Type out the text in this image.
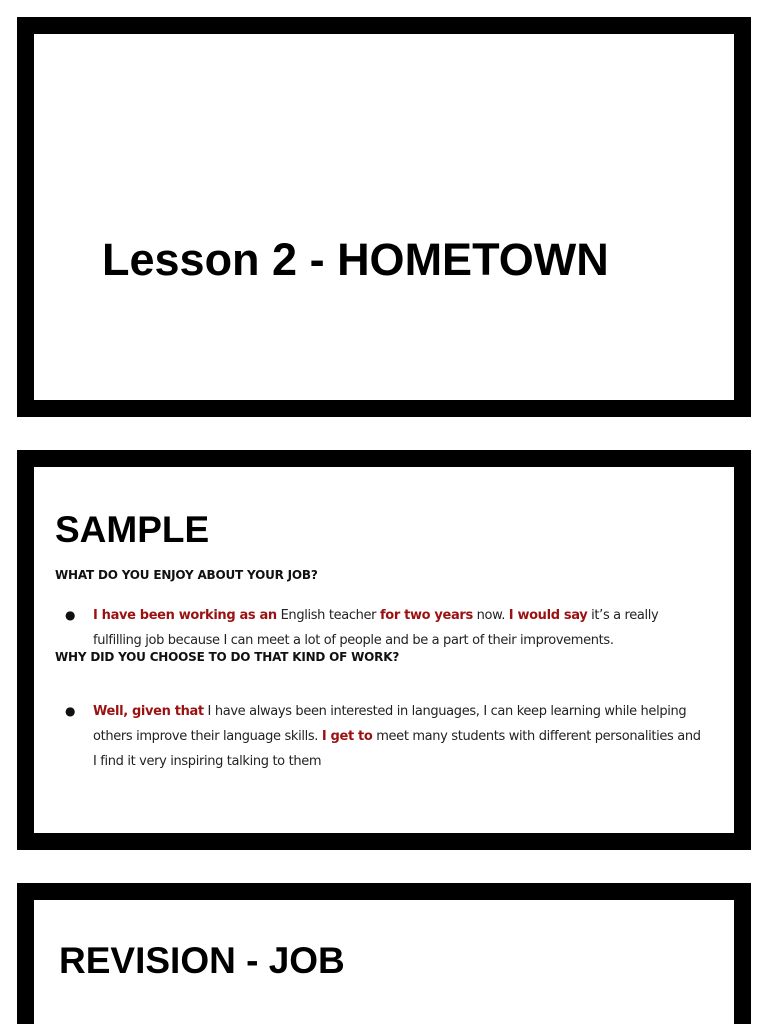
Lesson 2 - HOMETOWN
SAMPLE

WHAT DO YOU ENJOY ABOUT YOUR JOB?

● I have been working as an English teacher for two years now. I would say it’s a really fulfilling job because I can meet a lot of people and be a part of their improvements.

WHY DID YOU CHOOSE TO DO THAT KIND OF WORK?

● Well, given that I have always been interested in languages, I can keep learning while helping others improve their language skills. I get to meet many students with different personalities and I find it very inspiring talking to them

REVISION - JOB
